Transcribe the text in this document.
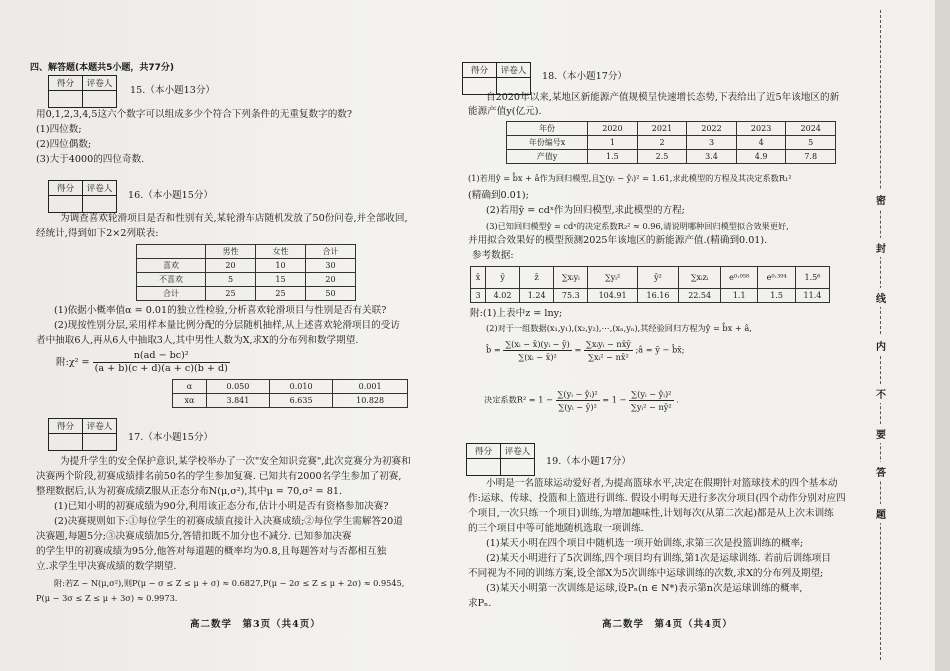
四、解答题(本题共5小题，共77分)
得分	评卷人

15.（本小题13分）
用0,1,2,3,4,5这六个数字可以组成多少个符合下列条件的无重复数字的数?
(1)四位数;
(2)四位偶数;
(3)大于4000的四位奇数.
得分	评卷人

16.（本小题15分）
为调查喜欢轮滑项目是否和性别有关,某轮滑车店随机发放了50份问卷,并全部收回,
经统计,得到如下2×2列联表:
	男性	女性	合计
喜欢	20	10	30
不喜欢	5	15	20
合计	25	25	50
(1)依据小概率值α = 0.01的独立性检验,分析喜欢轮滑项目与性别是否有关联?
(2)现按性别分层,采用样本量比例分配的分层随机抽样,从上述喜欢轮滑项目的受访
者中抽取6人,再从6人中抽取3人,其中男性人数为X,求X的分布列和数学期望.
附:χ² = $\frac{\text{n(ad − bc)²}}{(a + b)(c + d)(a + c)(b + d)}$
α	0.050	0.010	0.001
xα	3.841	6.635	10.828
得分	评卷人

17.（本小题15分）
为提升学生的安全保护意识,某学校举办了一次"安全知识竞赛",此次竞赛分为初赛和
决赛两个阶段,初赛成绩排名前50名的学生参加复赛. 已知共有2000名学生参加了初赛,
整理数据后,认为初赛成绩Z服从正态分布N(μ,σ²),其中μ = 70,σ² = 81.
(1)已知小明的初赛成绩为90分,利用该正态分布,估计小明是否有资格参加决赛?
(2)决赛规则如下:①每位学生的初赛成绩直接计入决赛成绩;②每位学生需解答20道
决赛题,每题5分;③决赛成绩加5分,答错扣既不加分也不减分. 已知参加决赛
的学生甲的初赛成绩为95分,他答对每道题的概率均为0.8,且每题答对与否都相互独
立.求学生甲决赛成绩的数学期望.
附:若Z ~ N(μ,σ²),则P(μ − σ ≤ Z ≤ μ + σ) ≈ 0.6827,P(μ − 2σ ≤ Z ≤ μ + 2σ) ≈ 0.9545,
P(μ − 3σ ≤ Z ≤ μ + 3σ) ≈ 0.9973.
高二数学　第3页（共4页）
得分	评卷人
	18.（本小题17分）
自2020年以来,某地区新能源产值规模呈快速增长态势,下表给出了近5年该地区的新
能源产值y(亿元).
年份	2020	2021	2022	2023	2024
年份编号x	1	2	3	4	5
产值y	1.5	2.5	3.4	4.9	7.8
(1)若用ŷ = b̂x + â作为回归模型,且∑(yᵢ − ŷᵢ)² = 1.61,求此模型的方程及其决定系数R₁²
(精确到0.01);
(2)若用ŷ = cdˣ作为回归模型,求此模型的方程;
(3)已知回归模型ŷ = cdˣ的决定系数R₂² ≈ 0.96,请说明哪种回归模型拟合效果更好,
并用拟合效果好的模型预测2025年该地区的新能源产值.(精确到0.01).
参考数据:
x̄	ȳ	z̄	∑xᵢyᵢ	∑yᵢ²	ȳ²	∑xᵢzᵢ	e⁰·⁰⁵⁸	e⁰·³⁹⁴	1.5⁶
3	4.02	1.24	75.3	104.91	16.16	22.54	1.1	1.5	11.4
附:(1)上表中z = lny;
(2)对于一组数据(x₁,y₁),(x₂,y₂),⋯,(xₙ,yₙ),其经验回归方程为ŷ = b̂x + â,
b̂ = $\frac{\text{∑(xᵢ − x̄)(yᵢ − ȳ)}}{\text{∑(xᵢ − x̄)²}} = \frac{\text{∑xᵢyᵢ − nx̄ȳ}}{\text{∑xᵢ² − nx̄²}}$ ;â = ȳ − b̂x̄;
决定系数$R^2 = 1 - \frac{\text{∑(yᵢ − ŷᵢ)²}}{\text{∑(yᵢ − ȳ)²}} = 1 - \frac{\text{∑(yᵢ − ŷᵢ)²}}{\text{∑yᵢ² − nȳ²}}$ .
得分	评卷人

19.（本小题17分）
小明是一名篮球运动爱好者,为提高篮球水平,决定在假期针对篮球技术的四个基本动
作:运球、传球、投篮和上篮进行训练. 假设小明每天进行多次分项目(四个动作分别对应四
个项目,一次只练一个项目)训练,为增加趣味性,计划每次(从第二次起)都是从上次未训练
的三个项目中等可能地随机选取一项训练.
(1)某天小明在四个项目中随机选一项开始训练,求第三次是投篮训练的概率;
(2)某天小明进行了5次训练,四个项目均有训练,第1次是运球训练. 若前后训练项目
不同视为不同的训练方案,设全部X为5次训练中运球训练的次数,求X的分布列及期望;
(3)某天小明第一次训练是运球,设Pₙ(n ∈ N*)表示第n次是运球训练的概率,
求Pₙ.
高二数学　第4页（共4页）
密
封
线
内
不
要
答
题
